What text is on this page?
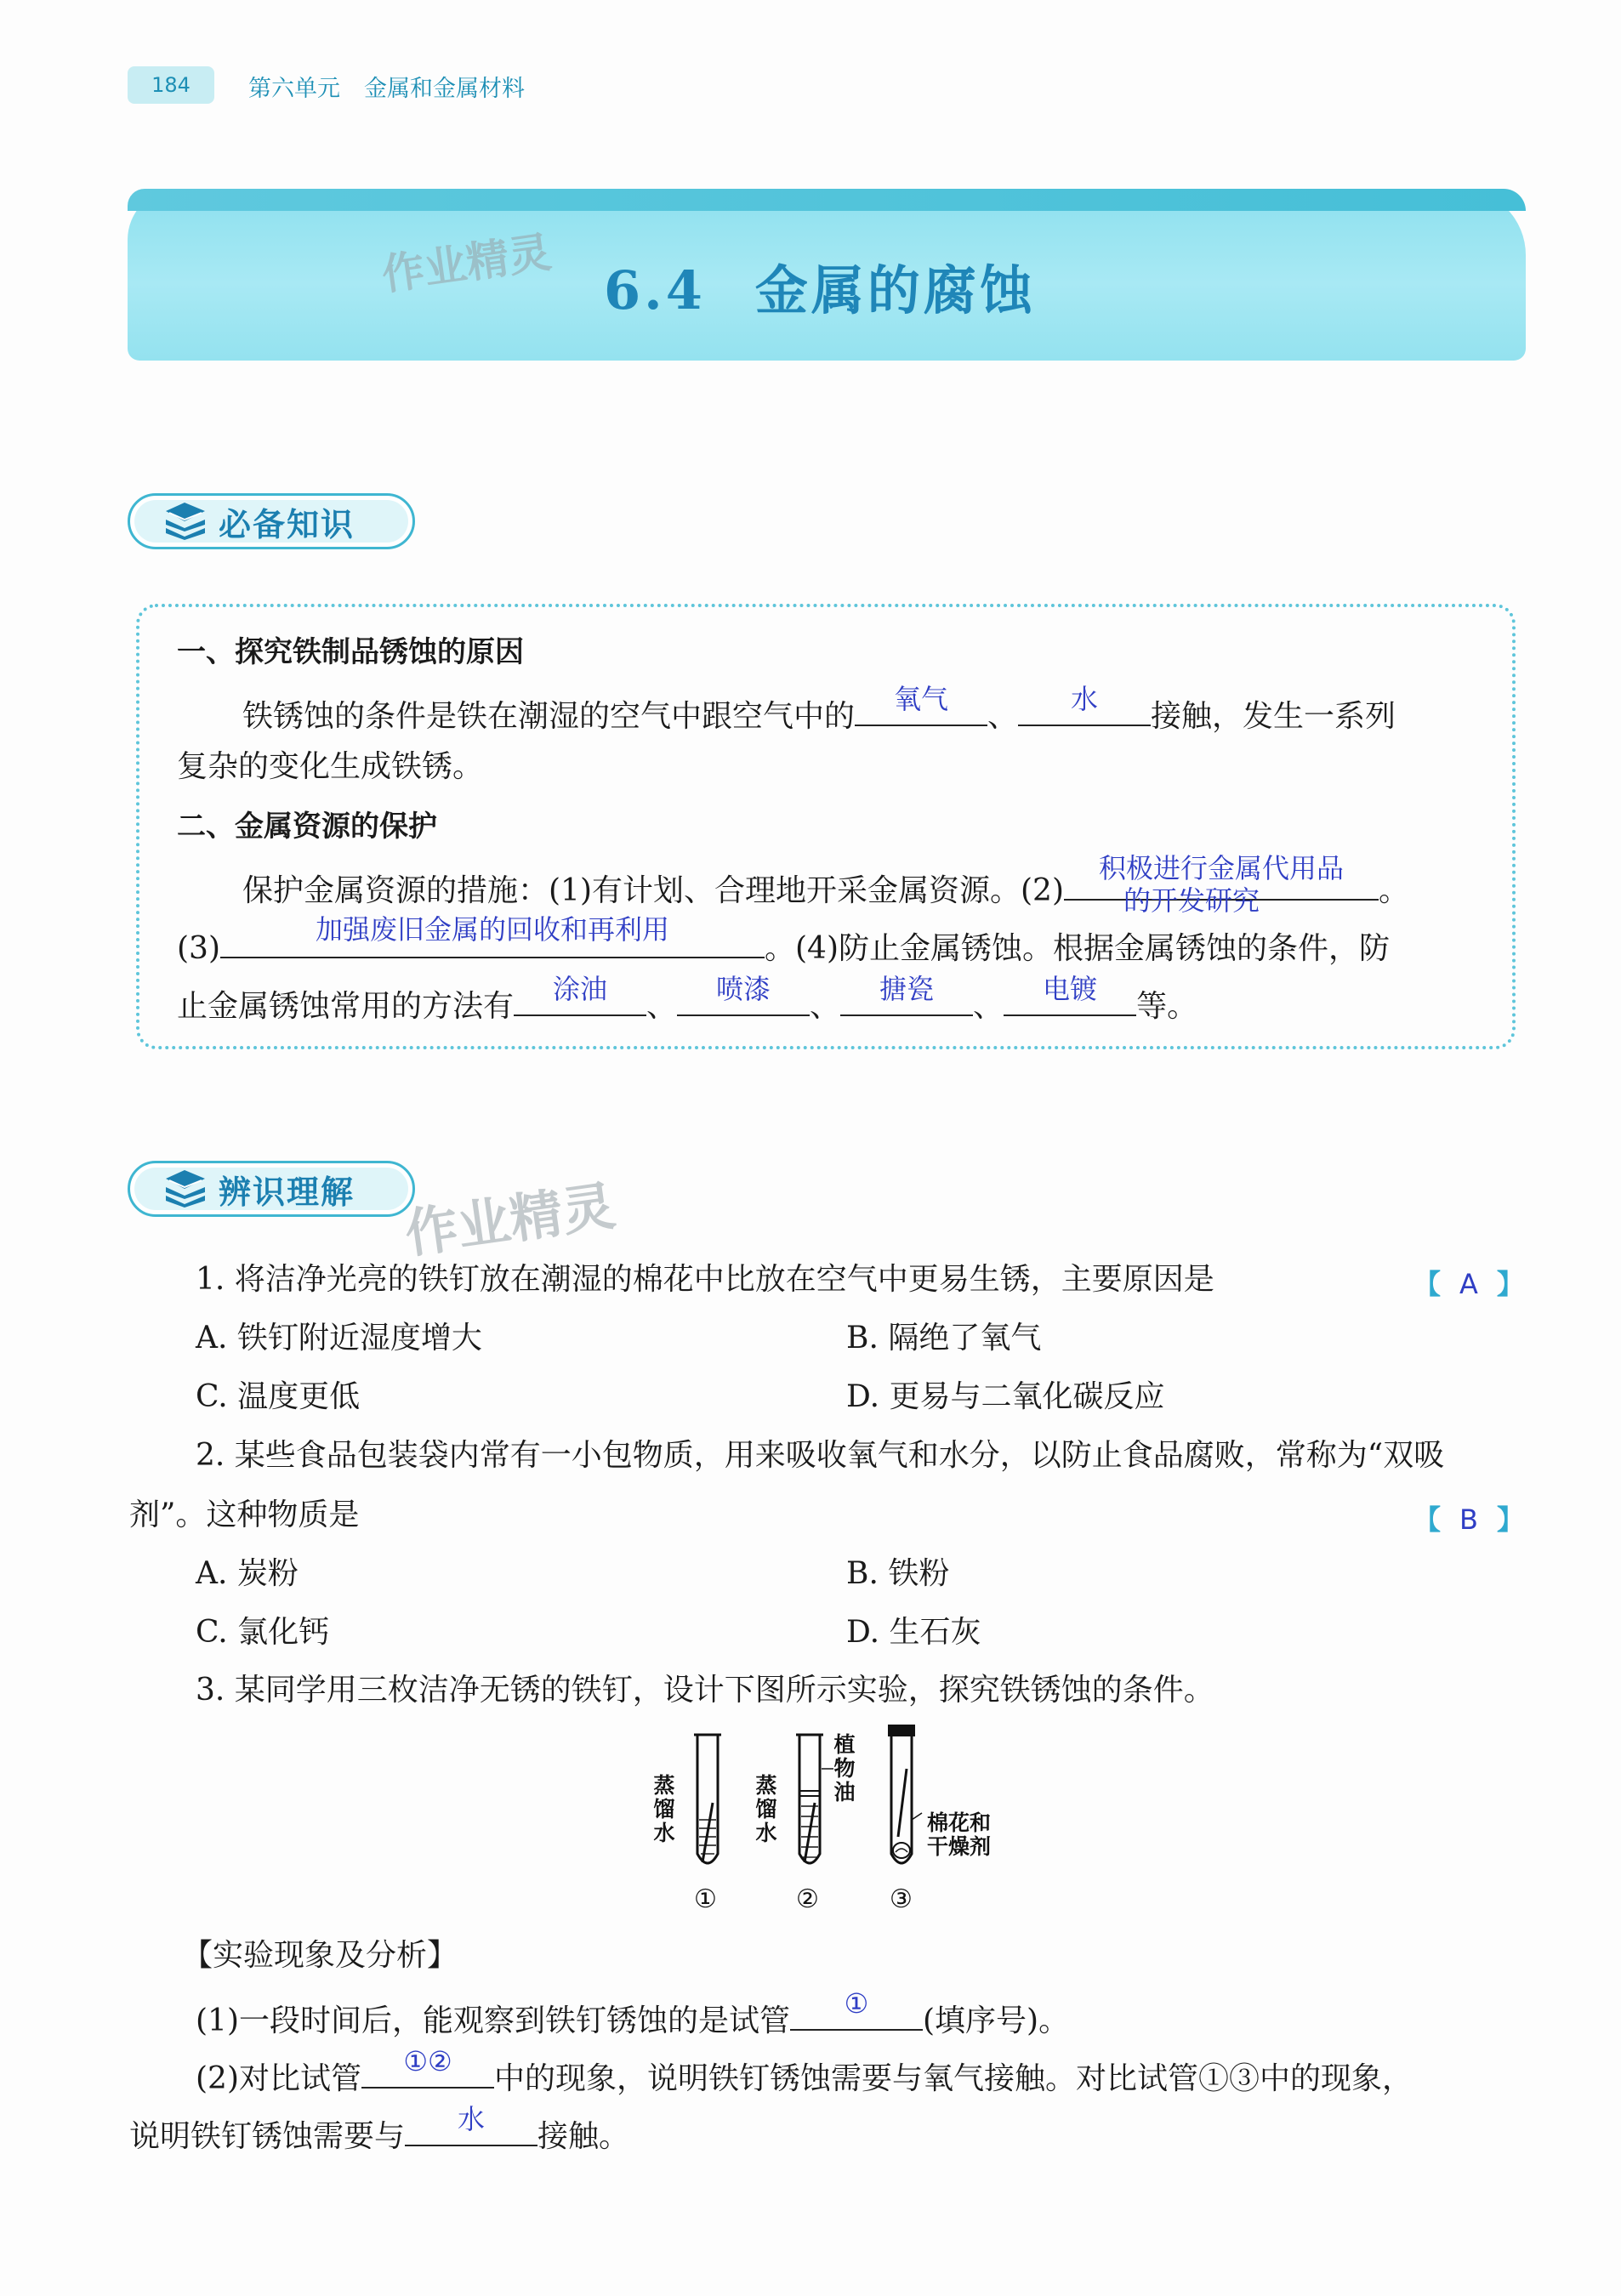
184	第六单元 金属和金属材料
作业精灵 6.4 金属的腐蚀
必备知识
一、探究铁制品锈蚀的原因
铁锈蚀的条件是铁在潮湿的空气中跟空气中的	氧气	、	水	接触，发生一系列
复杂的变化生成铁锈。
二、金属资源的保护
保护金属资源的措施：(1)有计划、合理地开采金属资源。(2)
积极进行金属代用品
的开发研究	。
(3)
加强废旧金属的回收和再利用
。(4)防止金属锈蚀。根据金属锈蚀的条件，防
止金属锈蚀常用的方法有	涂油	、	喷漆	、	搪瓷	、	电镀	等。
辨识理解 作业精灵
1. 将洁净光亮的铁钉放在潮湿的棉花中比放在空气中更易生锈，主要原因是	【 A 】
A. 铁钉附近湿度增大	B. 隔绝了氧气
C. 温度更低	D. 更易与二氧化碳反应
2. 某些食品包装袋内常有一小包物质，用来吸收氧气和水分，以防止食品腐败，常称为“双吸
剂”。这种物质是	【 B 】
A. 炭粉	B. 铁粉
C. 氯化钙	D. 生石灰
3. 某同学用三枚洁净无锈的铁钉，设计下图所示实验，探究铁锈蚀的条件。
蒸馏水
蒸馏水
植物油
棉花和
干燥剂
①	②	③
【实验现象及分析】
(1)一段时间后，能观察到铁钉锈蚀的是试管	①	(填序号)。
(2)对比试管	①②	中的现象，说明铁钉锈蚀需要与氧气接触。对比试管①③中的现象，
说明铁钉锈蚀需要与	水	接触。
